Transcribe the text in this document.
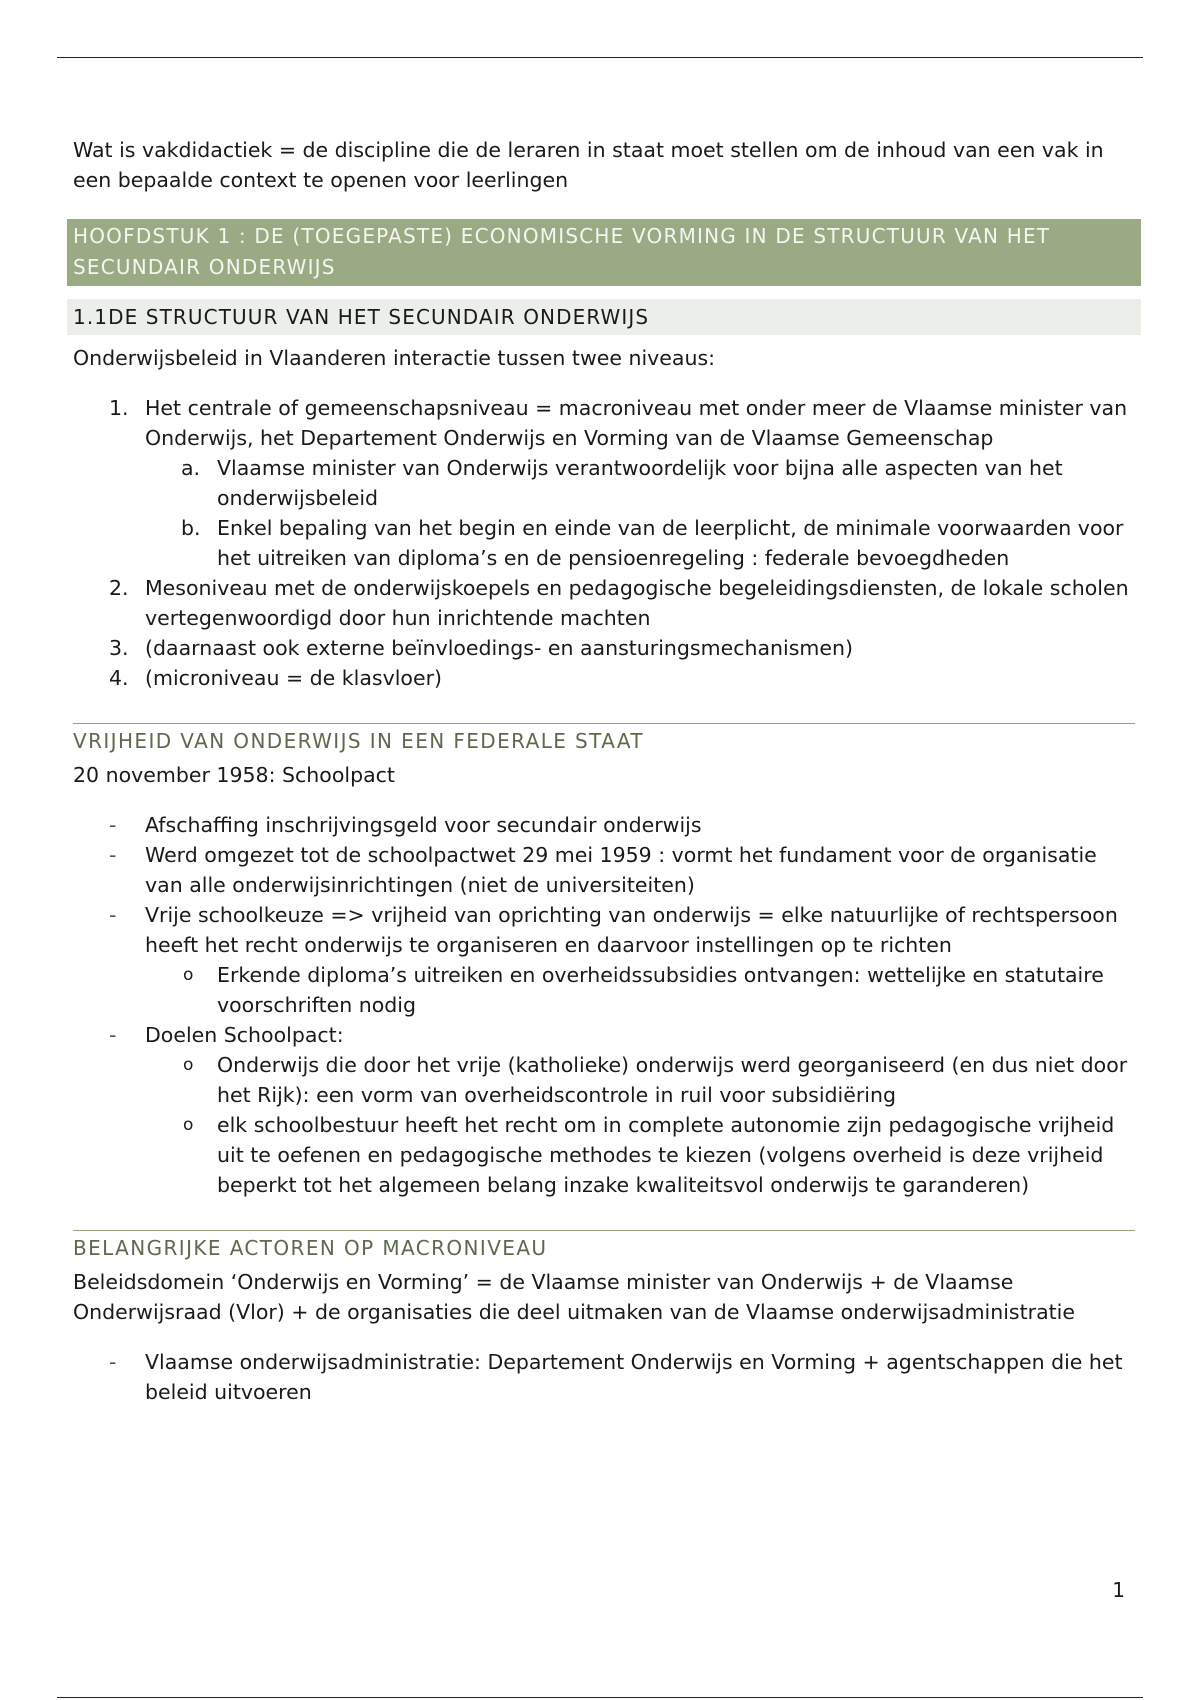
Wat is vakdidactiek = de discipline die de leraren in staat moet stellen om de inhoud van een vak in een bepaalde context te openen voor leerlingen

HOOFDSTUK 1 : DE (TOEGEPASTE) ECONOMISCHE VORMING IN DE STRUCTUUR VAN HET SECUNDAIR ONDERWIJS
1.1DE STRUCTUUR VAN HET SECUNDAIR ONDERWIJS

Onderwijsbeleid in Vlaanderen interactie tussen twee niveaus:

1. Het centrale of gemeenschapsniveau = macroniveau met onder meer de Vlaamse minister van Onderwijs, het Departement Onderwijs en Vorming van de Vlaamse Gemeenschap
a. Vlaamse minister van Onderwijs verantwoordelijk voor bijna alle aspecten van het onderwijsbeleid
b. Enkel bepaling van het begin en einde van de leerplicht, de minimale voorwaarden voor het uitreiken van diploma’s en de pensioenregeling : federale bevoegdheden
2. Mesoniveau met de onderwijskoepels en pedagogische begeleidingsdiensten, de lokale scholen vertegenwoordigd door hun inrichtende machten
3. (daarnaast ook externe beïnvloedings- en aansturingsmechanismen)
4. (microniveau = de klasvloer)
VRIJHEID VAN ONDERWIJS IN EEN FEDERALE STAAT

20 november 1958: Schoolpact

- Afschaffing inschrijvingsgeld voor secundair onderwijs
- Werd omgezet tot de schoolpactwet 29 mei 1959 : vormt het fundament voor de organisatie van alle onderwijsinrichtingen (niet de universiteiten)
- Vrije schoolkeuze => vrijheid van oprichting van onderwijs = elke natuurlijke of rechtspersoon heeft het recht onderwijs te organiseren en daarvoor instellingen op te richten
o Erkende diploma’s uitreiken en overheidssubsidies ontvangen: wettelijke en statutaire voorschriften nodig
- Doelen Schoolpact:
o Onderwijs die door het vrije (katholieke) onderwijs werd georganiseerd (en dus niet door het Rijk): een vorm van overheidscontrole in ruil voor subsidiëring
o elk schoolbestuur heeft het recht om in complete autonomie zijn pedagogische vrijheid uit te oefenen en pedagogische methodes te kiezen (volgens overheid is deze vrijheid beperkt tot het algemeen belang inzake kwaliteitsvol onderwijs te garanderen)
BELANGRIJKE ACTOREN OP MACRONIVEAU

Beleidsdomein ‘Onderwijs en Vorming’ = de Vlaamse minister van Onderwijs + de Vlaamse Onderwijsraad (Vlor) + de organisaties die deel uitmaken van de Vlaamse onderwijsadministratie

- Vlaamse onderwijsadministratie: Departement Onderwijs en Vorming + agentschappen die het beleid uitvoeren
1
